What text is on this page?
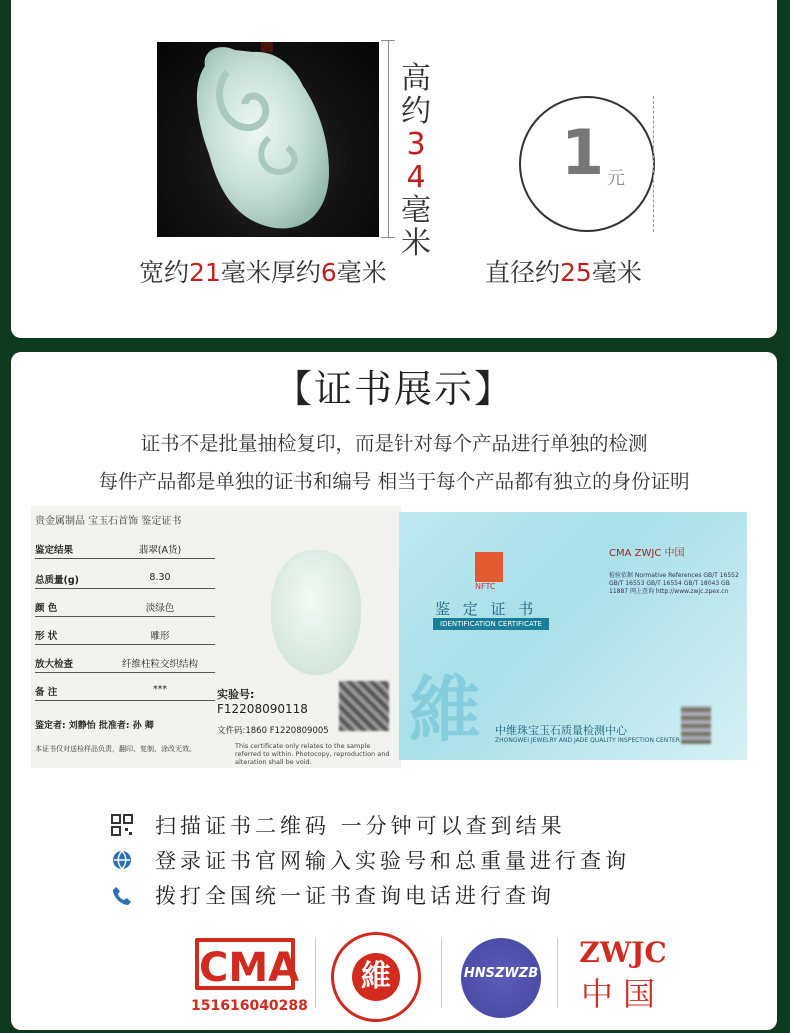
高
约
3
4
毫
米
1 元
宽约21毫米厚约6毫米	直径约25毫米
【证书展示】
证书不是批量抽检复印，而是针对每个产品进行单独的检测
每件产品都是单独的证书和编号 相当于每个产品都有独立的身份证明
贵金属制品 宝玉石首饰 鉴定证书
鉴定结果	翡翠(A货)
总质量(g)	8.30
颜 色	淡绿色
形 状	雕形
放大检查	纤维柱粒交织结构
备 注	***
鉴定者: 刘静怡 批准者: 孙 卿
本证书仅对送检样品负责，翻印、复制、涂改无效。
实验号:
F12208090118
文件码:1860 F1220809005
This certificate only relates to the sample referred to within. Photocopy, reproduction and alteration shall be void.
NFTC
鉴 定 证 书
IDENTIFICATION CERTIFICATE
維 中维珠宝玉石质量检测中心
ZHONGWEI JEWELRY AND JADE QUALITY INSPECTION CENTER
CMA ZWJC 中国
检验依据 Normative References GB/T 16552 GB/T 16553 GB/T 16554 GB/T 18043 GB 11887 网上查询 http://www.zwjc.zpex.cn
扫描证书二维码 一分钟可以查到结果
登录证书官网输入实验号和总重量进行查询
拨打全国统一证书查询电话进行查询
CMA
151616040288
維	HNSZWZB
ZWJC
中国
